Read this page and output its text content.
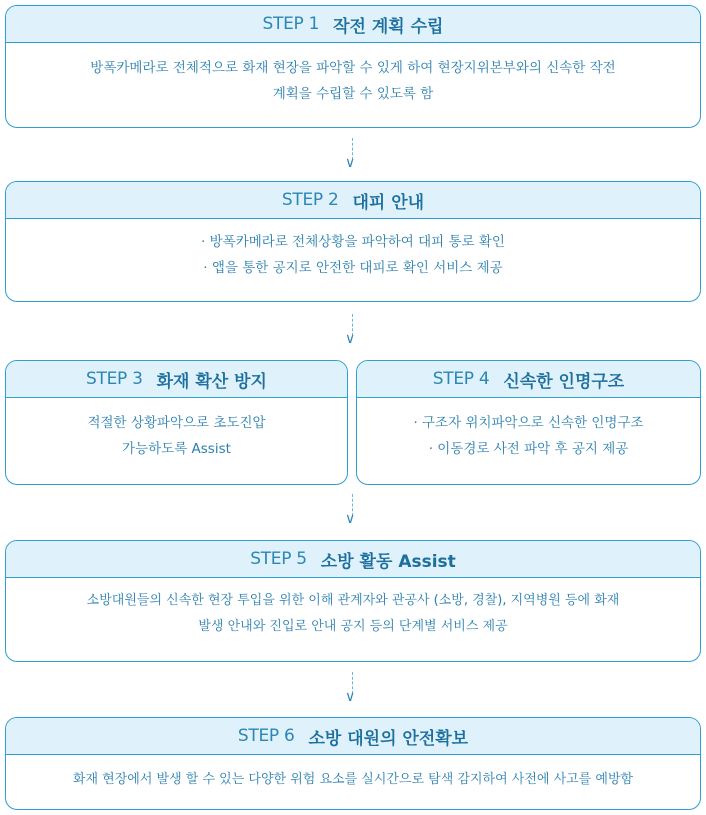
STEP 1 작전 계획 수립
방폭카메라로 전체적으로 화재 현장을 파악할 수 있게 하여 현장지위본부와의 신속한 작전
계획을 수립할 수 있도록 함
∨
STEP 2 대피 안내
· 방폭카메라로 전체상황을 파악하여 대피 통로 확인
· 앱을 통한 공지로 안전한 대피로 확인 서비스 제공
∨
STEP 3 화재 확산 방지
적절한 상황파악으로 초도진압
가능하도록 Assist
STEP 4 신속한 인명구조
· 구조자 위치파악으로 신속한 인명구조
· 이동경로 사전 파악 후 공지 제공
∨
STEP 5 소방 활동 Assist
소방대원들의 신속한 현장 투입을 위한 이해 관계자와 관공사 (소방, 경찰), 지역병원 등에 화재
발생 안내와 진입로 안내 공지 등의 단계별 서비스 제공
∨
STEP 6 소방 대원의 안전확보
화재 현장에서 발생 할 수 있는 다양한 위험 요소를 실시간으로 탐색 감지하여 사전에 사고를 예방함
